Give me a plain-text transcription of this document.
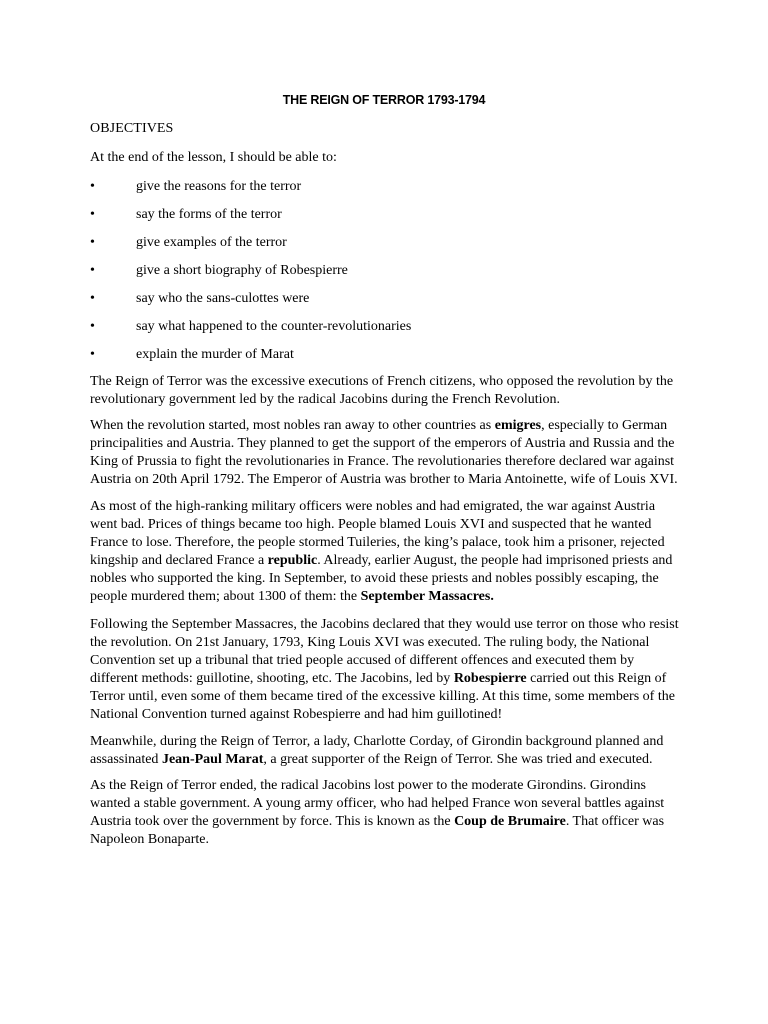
THE REIGN OF TERROR 1793-1794
OBJECTIVES
At the end of the lesson, I should be able to:
•	give the reasons for the terror
•	say the forms of the terror
•	give examples of the terror
•	give a short biography of Robespierre
•	say who the sans-culottes were
•	say what happened to the counter-revolutionaries
•	explain the murder of Marat

The Reign of Terror was the excessive executions of French citizens, who opposed the revolution by the revolutionary government led by the radical Jacobins during the French Revolution.

When the revolution started, most nobles ran away to other countries as emigres, especially to German principalities and Austria. They planned to get the support of the emperors of Austria and Russia and the King of Prussia to fight the revolutionaries in France. The revolutionaries therefore declared war against Austria on 20th April 1792. The Emperor of Austria was brother to Maria Antoinette, wife of Louis XVI.

As most of the high-ranking military officers were nobles and had emigrated, the war against Austria went bad. Prices of things became too high. People blamed Louis XVI and suspected that he wanted France to lose. Therefore, the people stormed Tuileries, the king’s palace, took him a prisoner, rejected kingship and declared France a republic. Already, earlier August, the people had imprisoned priests and nobles who supported the king. In September, to avoid these priests and nobles possibly escaping, the people murdered them; about 1300 of them: the September Massacres.

Following the September Massacres, the Jacobins declared that they would use terror on those who resist the revolution. On 21st January, 1793, King Louis XVI was executed. The ruling body, the National Convention set up a tribunal that tried people accused of different offences and executed them by different methods: guillotine, shooting, etc. The Jacobins, led by Robespierre carried out this Reign of Terror until, even some of them became tired of the excessive killing. At this time, some members of the National Convention turned against Robespierre and had him guillotined!

Meanwhile, during the Reign of Terror, a lady, Charlotte Corday, of Girondin background planned and assassinated Jean-Paul Marat, a great supporter of the Reign of Terror. She was tried and executed.

As the Reign of Terror ended, the radical Jacobins lost power to the moderate Girondins. Girondins wanted a stable government. A young army officer, who had helped France won several battles against Austria took over the government by force. This is known as the Coup de Brumaire. That officer was Napoleon Bonaparte.
